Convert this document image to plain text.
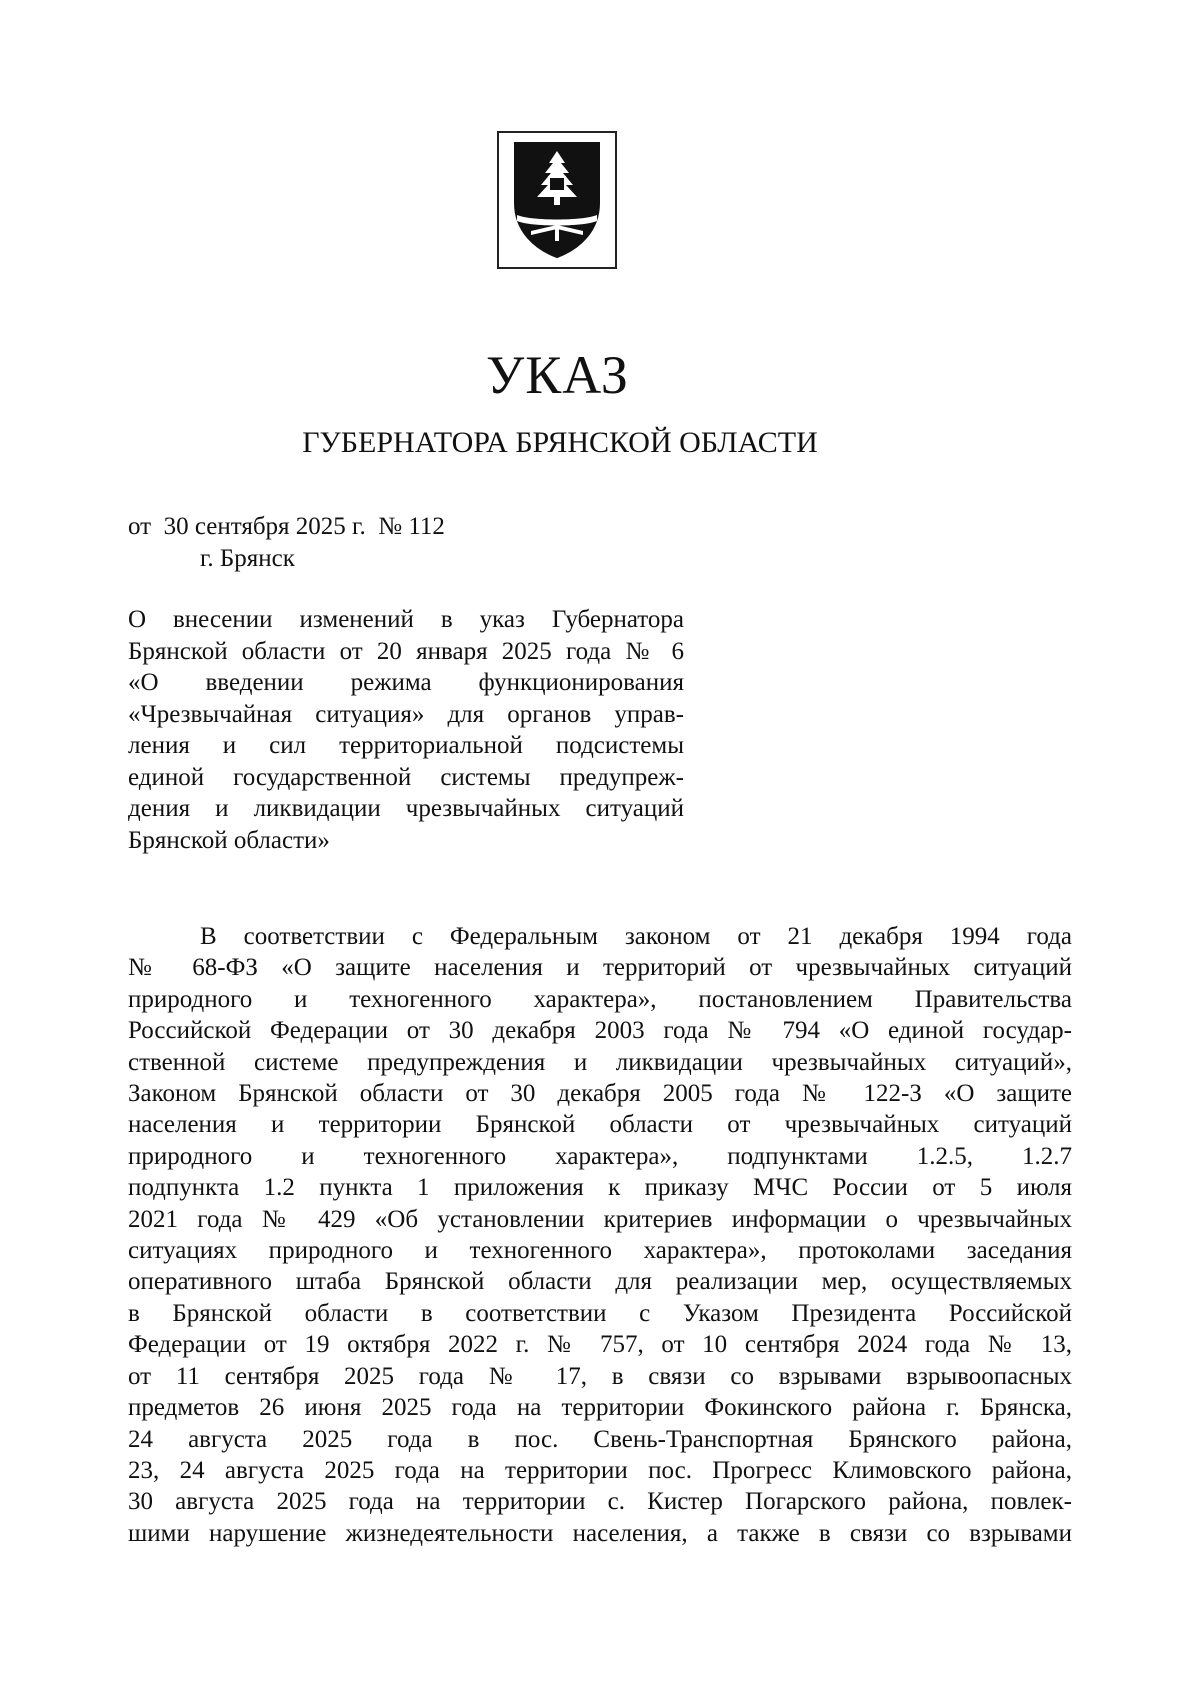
УКАЗ
ГУБЕРНАТОРА БРЯНСКОЙ ОБЛАСТИ
от  30 сентября 2025 г.  № 112
г. Брянск
О внесении изменений в указ Губернатора
Брянской области от 20 января 2025 года № 6
«О введении режима функционирования
«Чрезвычайная ситуация» для органов управ-
ления и сил территориальной подсистемы
единой государственной системы предупреж-
дения и ликвидации чрезвычайных ситуаций
Брянской области»
В соответствии с Федеральным законом от 21 декабря 1994 года
№ 68-ФЗ «О защите населения и территорий от чрезвычайных ситуаций
природного и техногенного характера», постановлением Правительства
Российской Федерации от 30 декабря 2003 года № 794 «О единой государ-
ственной системе предупреждения и ликвидации чрезвычайных ситуаций»,
Законом Брянской области от 30 декабря 2005 года № 122-З «О защите
населения и территории Брянской области от чрезвычайных ситуаций
природного и техногенного характера», подпунктами 1.2.5, 1.2.7
подпункта 1.2 пункта 1 приложения к приказу МЧС России от 5 июля
2021 года № 429 «Об установлении критериев информации о чрезвычайных
ситуациях природного и техногенного характера», протоколами заседания
оперативного штаба Брянской области для реализации мер, осуществляемых
в Брянской области в соответствии с Указом Президента Российской
Федерации от 19 октября 2022 г. № 757, от 10 сентября 2024 года № 13,
от 11 сентября 2025 года № 17, в связи со взрывами взрывоопасных
предметов 26 июня 2025 года на территории Фокинского района г. Брянска,
24 августа 2025 года в пос. Свень-Транспортная Брянского района,
23, 24 августа 2025 года на территории пос. Прогресс Климовского района,
30 августа 2025 года на территории с. Кистер Погарского района, повлек-
шими нарушение жизнедеятельности населения, а также в связи со взрывами
